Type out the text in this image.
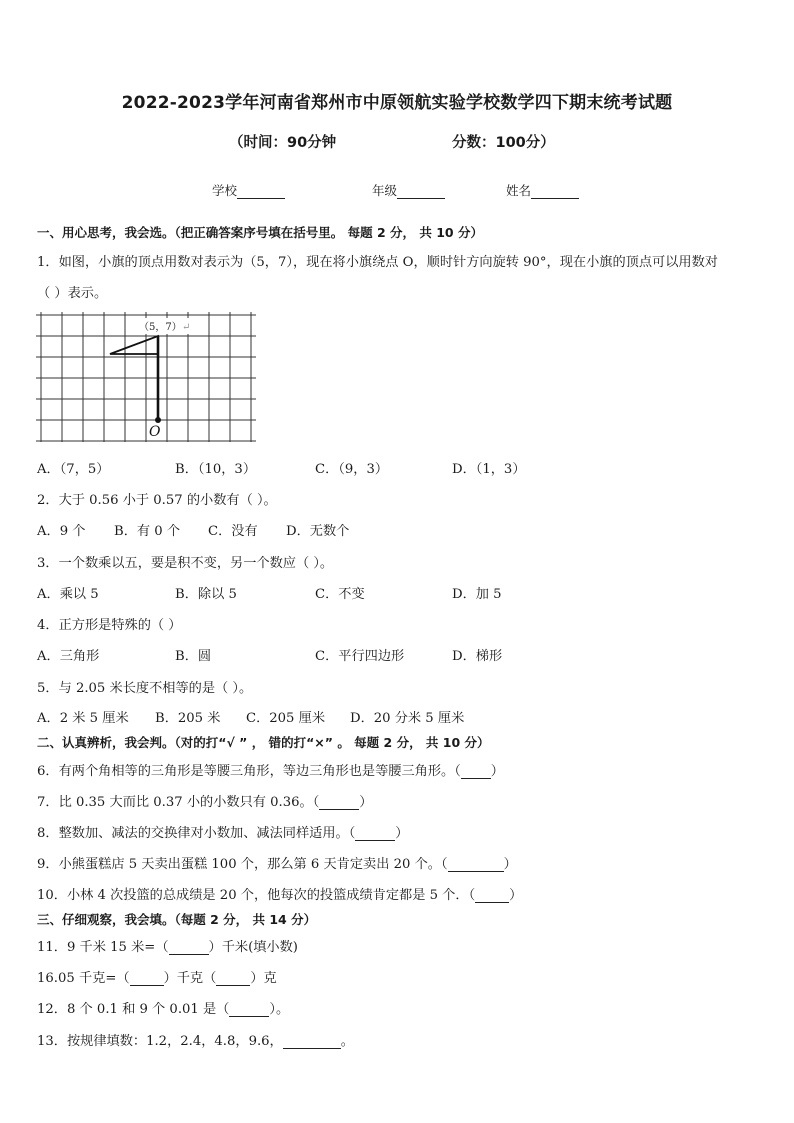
2022-2023学年河南省郑州市中原领航实验学校数学四下期末统考试题
（时间：90分钟	分数：100分）
学校	年级	姓名
一、用心思考，我会选。（把正确答案序号填在括号里。 每题 2 分， 共 10 分）
1．如图，小旗的顶点用数对表示为（5，7），现在将小旗绕点 O，顺时针方向旋转 90°，现在小旗的顶点可以用数对
（ ）表示。
（5，7） ↵
O
A．（7，5）	B．（10，3）	C．（9，3）	D．（1，3）
2．大于 0.56 小于 0.57 的小数有（ ）。
A．9 个 B．有 0 个 C．没有 D．无数个
3．一个数乘以五，要是积不变，另一个数应（ ）。
A．乘以 5	B．除以 5	C．不变	D．加 5
4．正方形是特殊的（ ）
A．三角形	B．圆	C．平行四边形	D．梯形
5．与 2.05 米长度不相等的是（ ）。
A．2 米 5 厘米 B．205 米 C．205 厘米 D．20 分米 5 厘米
二、认真辨析，我会判。（对的打“√ ” ， 错的打“×” 。 每题 2 分， 共 10 分）
6．有两个角相等的三角形是等腰三角形，等边三角形也是等腰三角形。（ ）
7．比 0.35 大而比 0.37 小的小数只有 0.36。（	）
8．整数加、减法的交换律对小数加、减法同样适用。（	）
9．小熊蛋糕店 5 天卖出蛋糕 100 个，那么第 6 天肯定卖出 20 个。（	）
10．小林 4 次投篮的总成绩是 20 个，他每次的投篮成绩肯定都是 5 个．（	）
三、仔细观察，我会填。（每题 2 分， 共 14 分）
11．9 千米 15 米=（	）千米(填小数)
16.05 千克=（	）千克（	）克
12．8 个 0.1 和 9 个 0.01 是（	）。
13．按规律填数：1.2，2.4，4.8，9.6，	。
